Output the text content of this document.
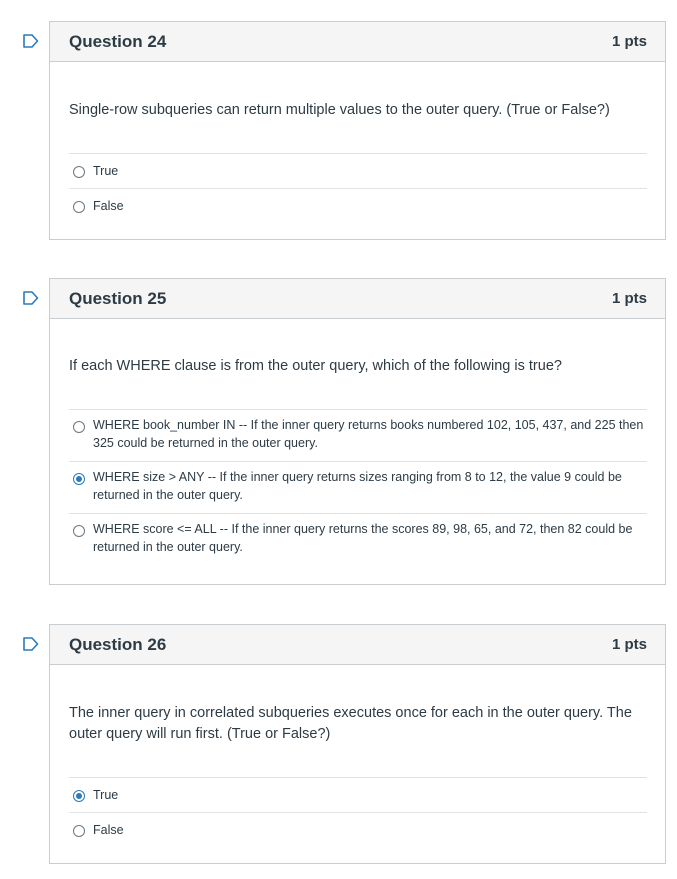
Question 24	1 pts
Single-row subqueries can return multiple values to the outer query. (True or False?)
True
False
Question 25	1 pts
If each WHERE clause is from the outer query, which of the following is true?
WHERE book_number IN -- If the inner query returns books numbered 102, 105, 437, and 225 then 325 could be returned in the outer query.
WHERE size > ANY -- If the inner query returns sizes ranging from 8 to 12, the value 9 could be returned in the outer query.
WHERE score <= ALL -- If the inner query returns the scores 89, 98, 65, and 72, then 82 could be returned in the outer query.
Question 26	1 pts
The inner query in correlated subqueries executes once for each in the outer query. The outer query will run first. (True or False?)
True
False
